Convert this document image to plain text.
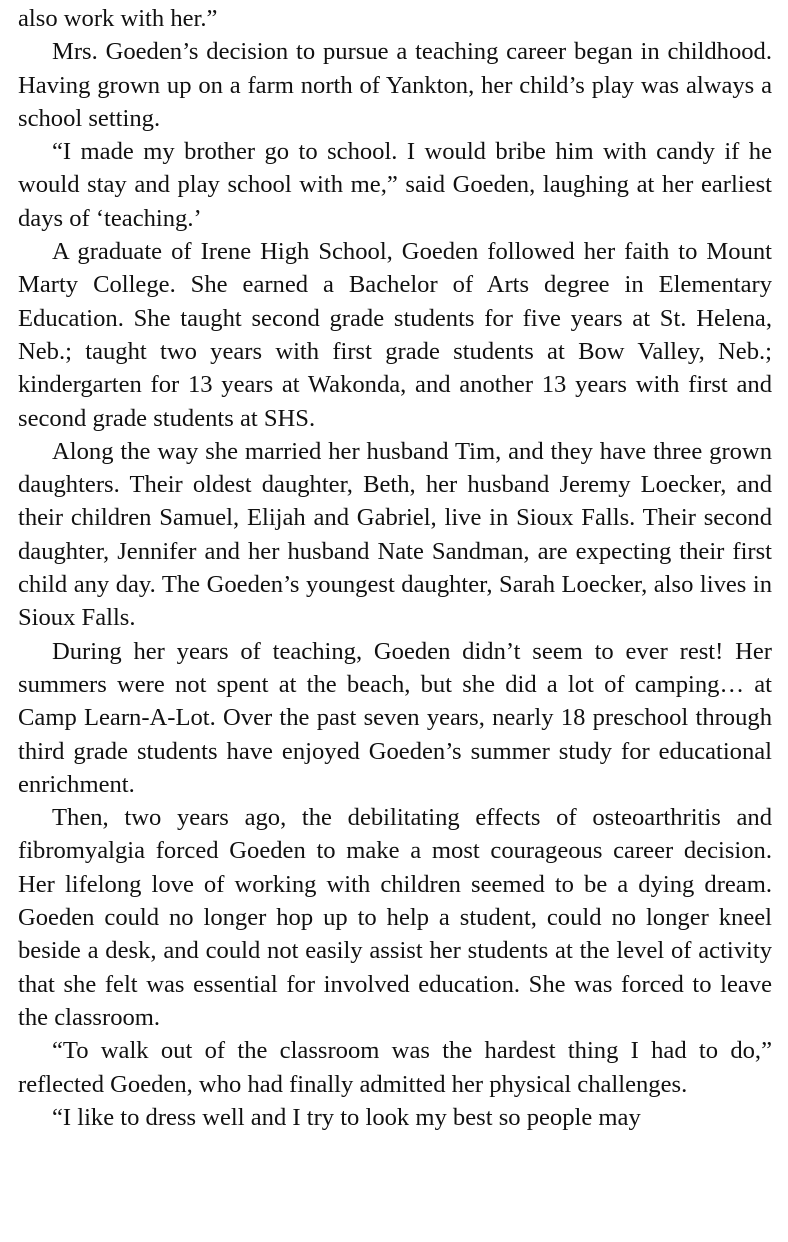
also work with her.”

Mrs. Goeden’s decision to pursue a teaching career began in childhood. Having grown up on a farm north of Yankton, her child’s play was always a school setting.

“I made my brother go to school. I would bribe him with candy if he would stay and play school with me,” said Goeden, laughing at her earliest days of ‘teaching.’

A graduate of Irene High School, Goeden followed her faith to Mount Marty College. She earned a Bachelor of Arts degree in Elementary Education. She taught second grade students for five years at St. Helena, Neb.; taught two years with first grade students at Bow Valley, Neb.; kindergarten for 13 years at Wakonda, and another 13 years with first and second grade students at SHS.

Along the way she married her husband Tim, and they have three grown daughters. Their oldest daughter, Beth, her husband Jeremy Loecker, and their children Samuel, Elijah and Gabriel, live in Sioux Falls. Their second daughter, Jennifer and her husband Nate Sandman, are expecting their first child any day. The Goeden’s youngest daughter, Sarah Loecker, also lives in Sioux Falls.

During her years of teaching, Goeden didn’t seem to ever rest! Her summers were not spent at the beach, but she did a lot of camping… at Camp Learn-A-Lot. Over the past seven years, nearly 18 preschool through third grade students have enjoyed Goeden’s summer study for educational enrichment.

Then, two years ago, the debilitating effects of osteoarthritis and fibromyalgia forced Goeden to make a most courageous career decision. Her lifelong love of working with children seemed to be a dying dream. Goeden could no longer hop up to help a student, could no longer kneel beside a desk, and could not easily assist her students at the level of activity that she felt was essential for involved education. She was forced to leave the classroom.

“To walk out of the classroom was the hardest thing I had to do,” reflected Goeden, who had finally admitted her physical challenges.

“I like to dress well and I try to look my best so people may
